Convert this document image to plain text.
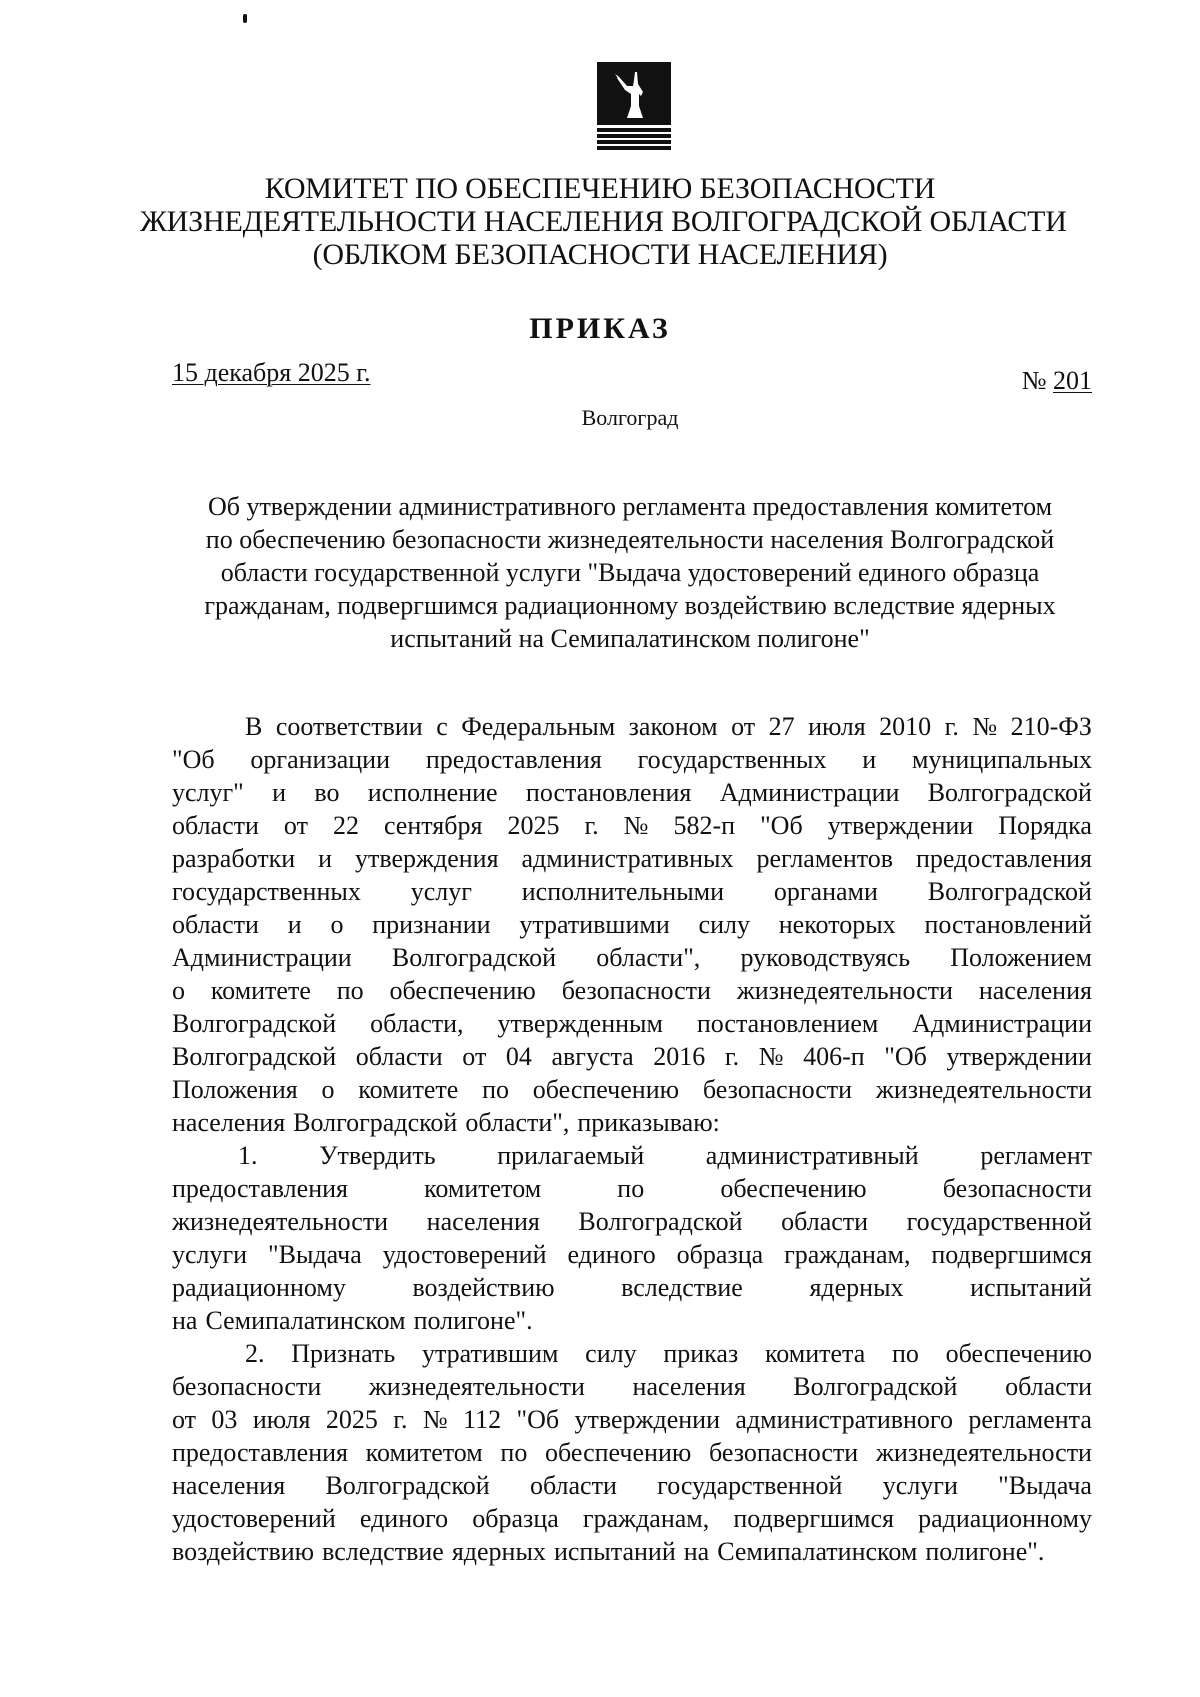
КОМИТЕТ ПО ОБЕСПЕЧЕНИЮ БЕЗОПАСНОСТИ
ЖИЗНЕДЕЯТЕЛЬНОСТИ НАСЕЛЕНИЯ ВОЛГОГРАДСКОЙ ОБЛАСТИ
(ОБЛКОМ БЕЗОПАСНОСТИ НАСЕЛЕНИЯ)
ПРИКАЗ
15 декабря 2025 г.	№ 201
Волгоград
Об утверждении административного регламента предоставления комитетом
по обеспечению безопасности жизнедеятельности населения Волгоградской
области государственной услуги "Выдача удостоверений единого образца
гражданам, подвергшимся радиационному воздействию вследствие ядерных
испытаний на Семипалатинском полигоне"
В соответствии с Федеральным законом от 27 июля 2010 г. № 210-ФЗ
"Об организации предоставления государственных и муниципальных
услуг" и во исполнение постановления Администрации Волгоградской
области от 22 сентября 2025 г. № 582-п "Об утверждении Порядка
разработки и утверждения административных регламентов предоставления
государственных услуг исполнительными органами Волгоградской
области и о признании утратившими силу некоторых постановлений
Администрации Волгоградской области", руководствуясь Положением
о комитете по обеспечению безопасности жизнедеятельности населения
Волгоградской области, утвержденным постановлением Администрации
Волгоградской области от 04 августа 2016 г. № 406-п "Об утверждении
Положения о комитете по обеспечению безопасности жизнедеятельности
населения Волгоградской области", приказываю:
1. Утвердить прилагаемый административный регламент
предоставления	комитетом	по	обеспечению	безопасности
жизнедеятельности населения Волгоградской области государственной
услуги "Выдача удостоверений единого образца гражданам, подвергшимся
радиационному	воздействию	вследствие	ядерных	испытаний
на Семипалатинском полигоне".
2. Признать утратившим силу приказ комитета по обеспечению
безопасности жизнедеятельности населения Волгоградской области
от 03 июля 2025 г. № 112 "Об утверждении административного регламента
предоставления комитетом по обеспечению безопасности жизнедеятельности
населения Волгоградской области государственной услуги "Выдача
удостоверений единого образца гражданам, подвергшимся радиационному
воздействию вследствие ядерных испытаний на Семипалатинском полигоне".
